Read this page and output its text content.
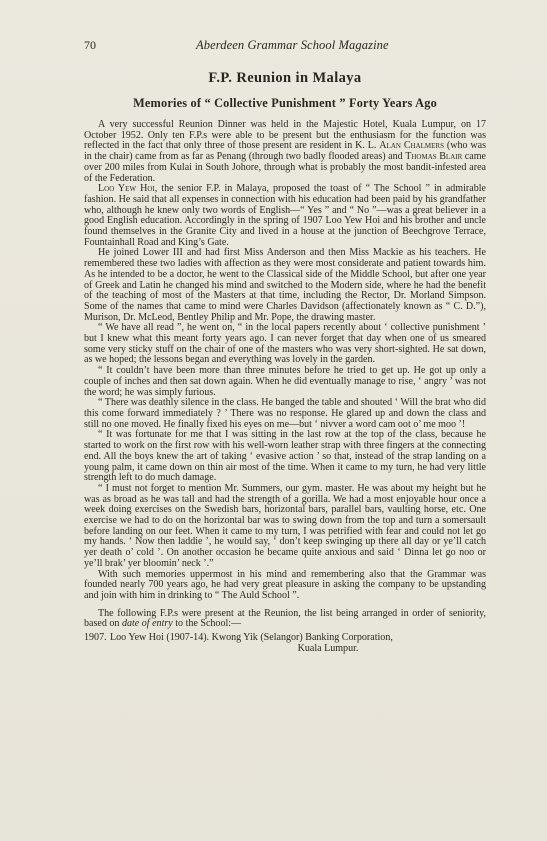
70	Aberdeen Grammar School Magazine
F.P. Reunion in Malaya
Memories of “ Collective Punishment ” Forty Years Ago

A very successful Reunion Dinner was held in the Majestic Hotel, Kuala Lumpur, on 17 October 1952. Only ten F.P.s were able to be present but the enthusiasm for the function was reflected in the fact that only three of those present are resident in K. L. Alan Chalmers (who was in the chair) came from as far as Penang (through two badly flooded areas) and Thomas Blair came over 200 miles from Kulai in South Johore, through what is probably the most bandit-infested area of the Federation.

Loo Yew Hoi, the senior F.P. in Malaya, proposed the toast of “ The School ” in admirable fashion. He said that all expenses in connection with his education had been paid by his grandfather who, although he knew only two words of English—“ Yes ” and “ No ”—was a great believer in a good English education. Accordingly in the spring of 1907 Loo Yew Hoi and his brother and uncle found themselves in the Granite City and lived in a house at the junction of Beechgrove Terrace, Fountainhall Road and King’s Gate.

He joined Lower III and had first Miss Anderson and then Miss Mackie as his teachers. He remembered these two ladies with affection as they were most considerate and patient towards him. As he intended to be a doctor, he went to the Classical side of the Middle School, but after one year of Greek and Latin he changed his mind and switched to the Modern side, where he had the benefit of the teaching of most of the Masters at that time, including the Rector, Dr. Morland Simpson. Some of the names that came to mind were Charles Davidson (affectionately known as “ C. D.”), Murison, Dr. McLeod, Bentley Philip and Mr. Pope, the drawing master.

“ We have all read ”, he went on, “ in the local papers recently about ‘ collective punishment ’ but I knew what this meant forty years ago. I can never forget that day when one of us smeared some very sticky stuff on the chair of one of the masters who was very short-sighted. He sat down, as we hoped; the lessons began and everything was lovely in the garden.

“ It couldn’t have been more than three minutes before he tried to get up. He got up only a couple of inches and then sat down again. When he did eventually manage to rise, ‘ angry ’ was not the word; he was simply furious.

“ There was deathly silence in the class. He banged the table and shouted ‘ Will the brat who did this come forward immediately ? ’ There was no response. He glared up and down the class and still no one moved. He finally fixed his eyes on me—but ‘ nivver a word cam oot o’ me moo ’!

“ It was fortunate for me that I was sitting in the last row at the top of the class, because he started to work on the first row with his well-worn leather strap with three fingers at the connecting end. All the boys knew the art of taking ‘ evasive action ’ so that, instead of the strap landing on a young palm, it came down on thin air most of the time. When it came to my turn, he had very little strength left to do much damage.

“ I must not forget to mention Mr. Summers, our gym. master. He was about my height but he was as broad as he was tall and had the strength of a gorilla. We had a most enjoyable hour once a week doing exercises on the Swedish bars, horizontal bars, parallel bars, vaulting horse, etc. One exercise we had to do on the horizontal bar was to swing down from the top and turn a somersault before landing on our feet. When it came to my turn, I was petrified with fear and could not let go my hands. ‘ Now then laddie ’, he would say, ‘ don’t keep swinging up there all day or ye’ll catch yer death o’ cold ’. On another occasion he became quite anxious and said ‘ Dinna let go noo or ye’ll brak’ yer bloomin’ neck ’.”

With such memories uppermost in his mind and remembering also that the Grammar was founded nearly 700 years ago, he had very great pleasure in asking the company to be upstanding and join with him in drinking to “ The Auld School ”.

The following F.P.s were present at the Reunion, the list being arranged in order of seniority, based on date of entry to the School:—

1907. Loo Yew Hoi (1907-14). Kwong Yik (Selangor) Banking Corporation,
Kuala Lumpur.
